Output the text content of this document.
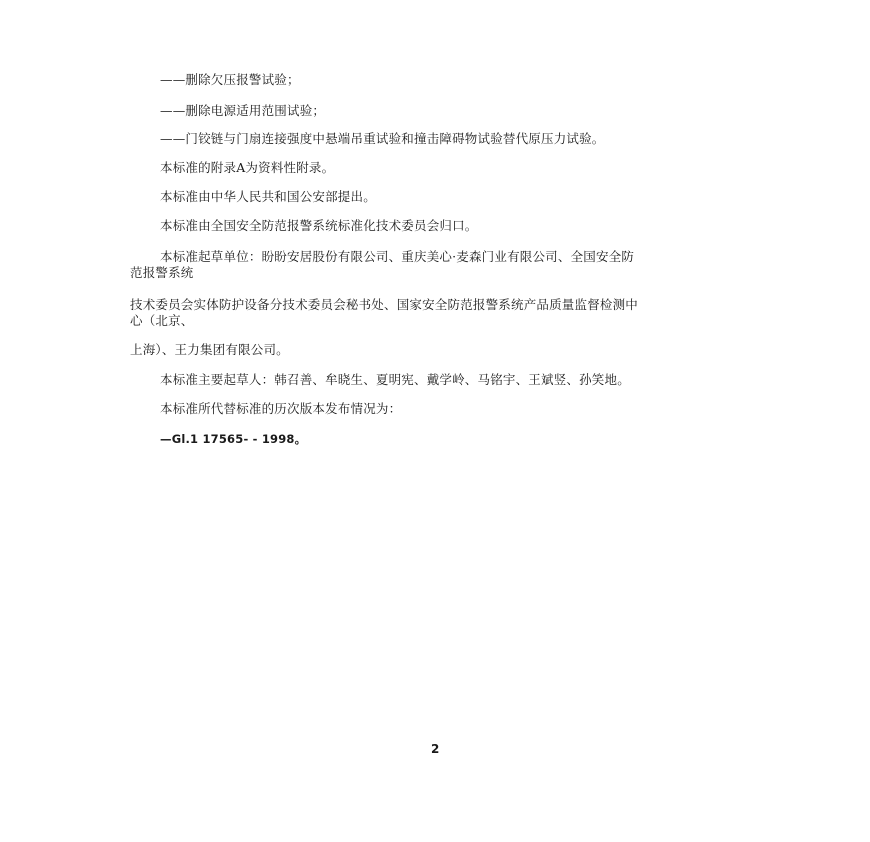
——删除欠压报警试验；
——删除电源适用范围试验；
——门铰链与门扇连接强度中悬端吊重试验和撞击障碍物试验替代原压力试验。
本标准的附录A为资料性附录。
本标准由中华人民共和国公安部提出。
本标准由全国安全防范报警系统标准化技术委员会归口。
本标准起草单位：盼盼安居股份有限公司、重庆美心·麦森门业有限公司、全国安全防
范报警系统
技术委员会实体防护设备分技术委员会秘书处、国家安全防范报警系统产品质量监督检测中
心（北京、
上海）、王力集团有限公司。
本标准主要起草人：韩召善、牟晓生、夏明宪、戴学岭、马铭宇、王斌竖、孙笑地。
本标准所代替标准的历次版本发布情况为：
—Gl.1 17565- - 1998。
2
